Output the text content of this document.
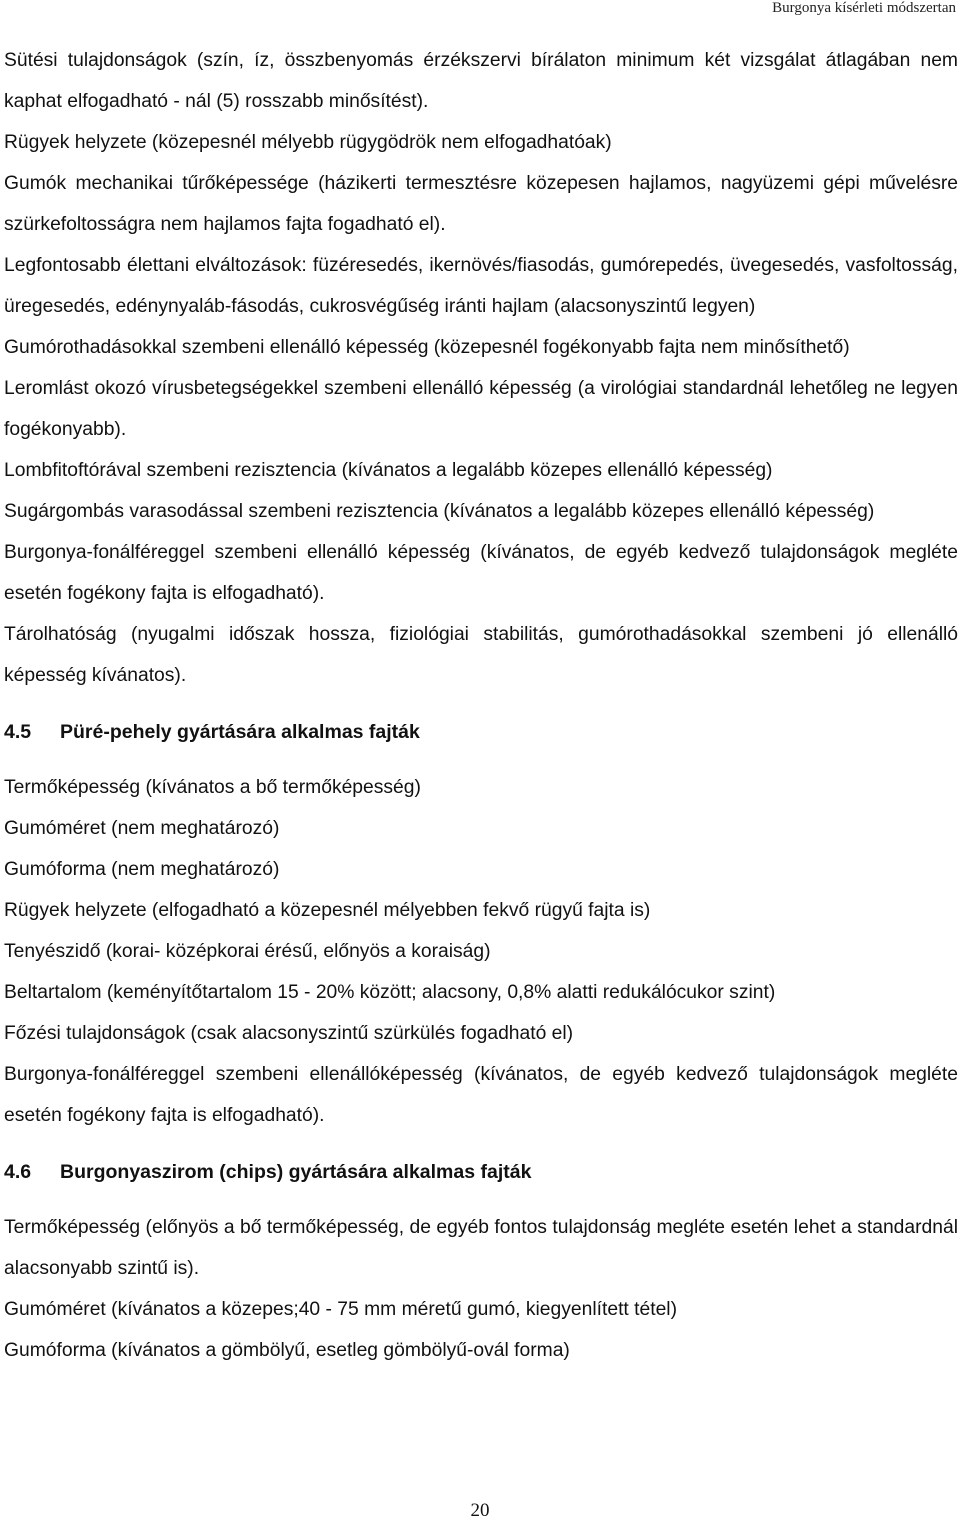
Burgonya kísérleti módszertan

Sütési tulajdonságok (szín, íz, összbenyomás érzékszervi bírálaton minimum két vizsgálat átlagában nem kaphat elfogadható - nál (5) rosszabb minősítést).

Rügyek helyzete (közepesnél mélyebb rügygödrök nem elfogadhatóak)

Gumók mechanikai tűrőképessége (házikerti termesztésre közepesen hajlamos, nagyüzemi gépi művelésre szürkefoltosságra nem hajlamos fajta fogadható el).

Legfontosabb élettani elváltozások: füzéresedés, ikernövés/fiasodás, gumórepedés, üvegesedés, vasfoltosság, üregesedés, edénynyaláb-fásodás, cukrosvégűség iránti hajlam (alacsonyszintű legyen)

Gumórothadásokkal szembeni ellenálló képesség (közepesnél fogékonyabb fajta nem minősíthető)

Leromlást okozó vírusbetegségekkel szembeni ellenálló képesség (a virológiai standardnál lehetőleg ne legyen fogékonyabb).

Lombfitoftórával szembeni rezisztencia (kívánatos a legalább közepes ellenálló képesség)

Sugárgombás varasodással szembeni rezisztencia (kívánatos a legalább közepes ellenálló képesség)

Burgonya-fonálféreggel szembeni ellenálló képesség (kívánatos, de egyéb kedvező tulajdonságok megléte esetén fogékony fajta is elfogadható).

Tárolhatóság (nyugalmi időszak hossza, fiziológiai stabilitás, gumórothadásokkal szembeni jó ellenálló képesség kívánatos).

4.5	Püré-pehely gyártására alkalmas fajták

Termőképesség (kívánatos a bő termőképesség)

Gumóméret (nem meghatározó)

Gumóforma (nem meghatározó)

Rügyek helyzete (elfogadható a közepesnél mélyebben fekvő rügyű fajta is)

Tenyészidő (korai- középkorai érésű, előnyös a koraiság)

Beltartalom (keményítőtartalom 15 - 20% között; alacsony, 0,8% alatti redukálócukor szint)

Főzési tulajdonságok (csak alacsonyszintű szürkülés fogadható el)

Burgonya-fonálféreggel szembeni ellenállóképesség (kívánatos, de egyéb kedvező tulajdonságok megléte esetén fogékony fajta is elfogadható).

4.6	Burgonyaszirom (chips) gyártására alkalmas fajták

Termőképesség (előnyös a bő termőképesség, de egyéb fontos tulajdonság megléte esetén lehet a standardnál alacsonyabb szintű is).

Gumóméret (kívánatos a közepes;40 - 75 mm méretű gumó, kiegyenlített tétel)

Gumóforma (kívánatos a gömbölyű, esetleg gömbölyű-ovál forma)

20
